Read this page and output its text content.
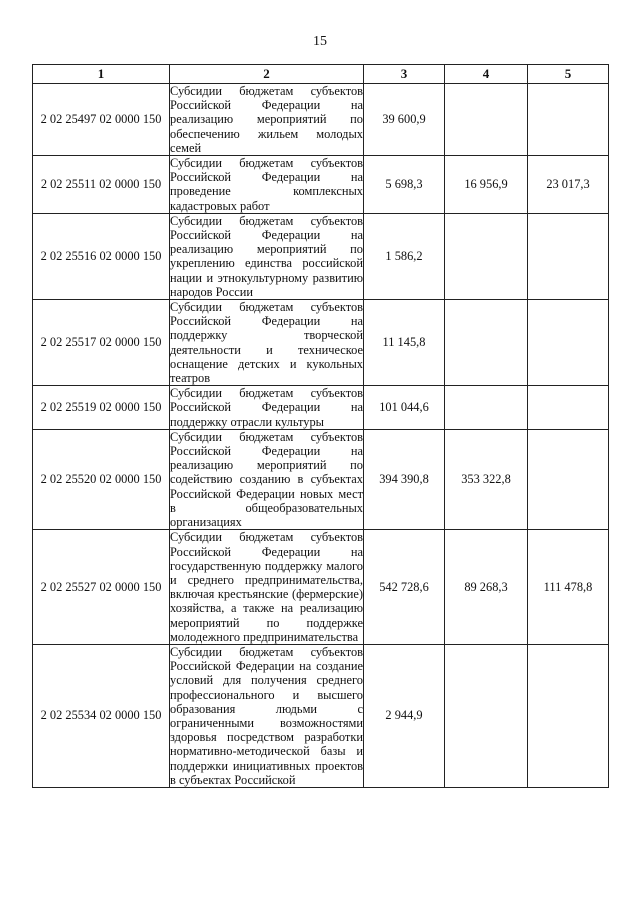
15
1	2	3	4	5
2 02 25497 02 0000 150	Субсидии бюджетам субъектов Российской Федерации на реализацию мероприятий по обеспечению жильем молодых семей	39 600,9		
2 02 25511 02 0000 150	Субсидии бюджетам субъектов Российской Федерации на проведение комплексных кадастровых работ	5 698,3	16 956,9	23 017,3
2 02 25516 02 0000 150	Субсидии бюджетам субъектов Российской Федерации на реализацию мероприятий по укреплению единства российской нации и этнокультурному развитию народов России	1 586,2		
2 02 25517 02 0000 150	Субсидии бюджетам субъектов Российской Федерации на поддержку творческой деятельности и техническое оснащение детских и кукольных театров	11 145,8		
2 02 25519 02 0000 150	Субсидии бюджетам субъектов Российской Федерации на поддержку отрасли культуры	101 044,6		
2 02 25520 02 0000 150	Субсидии бюджетам субъектов Российской Федерации на реализацию мероприятий по содействию созданию в субъектах Российской Федерации новых мест в общеобразовательных организациях	394 390,8	353 322,8	
2 02 25527 02 0000 150	Субсидии бюджетам субъектов Российской Федерации на государственную поддержку малого и среднего предпринимательства, включая крестьянские (фермерские) хозяйства, а также на реализацию мероприятий по поддержке молодежного предпринимательства	542 728,6	89 268,3	111 478,8
2 02 25534 02 0000 150	Субсидии бюджетам субъектов Российской Федерации на создание условий для получения среднего профессионального и высшего образования людьми с ограниченными возможностями здоровья посредством разработки нормативно-методической базы и поддержки инициативных проектов в субъектах Российской	2 944,9		
